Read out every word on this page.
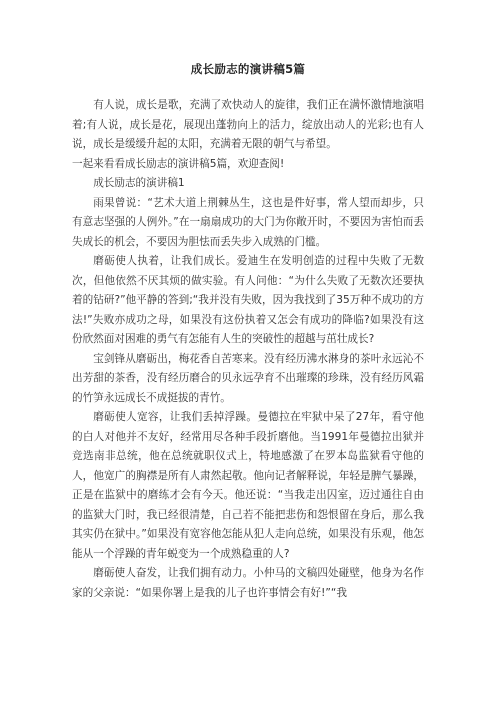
成长励志的演讲稿5篇

有人说，成长是歌，充满了欢快动人的旋律，我们正在满怀激情地演唱着;有人说，成长是花，展现出蓬勃向上的活力，绽放出动人的光彩;也有人说，成长是缓缓升起的太阳，充满着无限的朝气与希望。

一起来看看成长励志的演讲稿5篇，欢迎查阅!

成长励志的演讲稿1

雨果曾说：“艺术大道上荆棘丛生，这也是件好事，常人望而却步，只有意志坚强的人例外。”在一扇扇成功的大门为你敞开时，不要因为害怕而丢失成长的机会，不要因为胆怯而丢失步入成熟的门槛。

磨砺使人执着，让我们成长。爱迪生在发明创造的过程中失败了无数次，但他依然不厌其烦的做实验。有人问他：“为什么失败了无数次还要执着的钻研?”他平静的答到;“我并没有失败，因为我找到了35万种不成功的方法!”失败亦成功之母，如果没有这份执着又怎会有成功的降临?如果没有这份欣然面对困难的勇气有怎能有人生的突破性的超越与茁壮成长?

宝剑锋从磨砺出，梅花香自苦寒来。没有经历沸水淋身的茶叶永远沁不出芳甜的茶香，没有经历磨合的贝永远孕育不出璀璨的珍珠，没有经历风霜的竹笋永远成长不成挺拔的青竹。

磨砺使人宽容，让我们丢掉浮躁。曼德拉在牢狱中呆了27年，看守他的白人对他并不友好，经常用尽各种手段折磨他。当1991年曼德拉出狱并竞选南非总统，他在总统就职仪式上，特地感激了在罗本岛监狱看守他的人，他宽广的胸襟是所有人肃然起敬。他向记者解释说，年轻是脾气暴躁，正是在监狱中的磨练才会有今天。他还说：“当我走出囚室，迈过通往自由的监狱大门时，我已经很清楚，自己若不能把悲伤和怨恨留在身后，那么我其实仍在狱中。”如果没有宽容他怎能从犯人走向总统，如果没有乐观，他怎能从一个浮躁的青年蜕变为一个成熟稳重的人?

磨砺使人奋发，让我们拥有动力。小仲马的文稿四处碰壁，他身为名作家的父亲说：“如果你署上是我的儿子也许事情会有好!”“我
